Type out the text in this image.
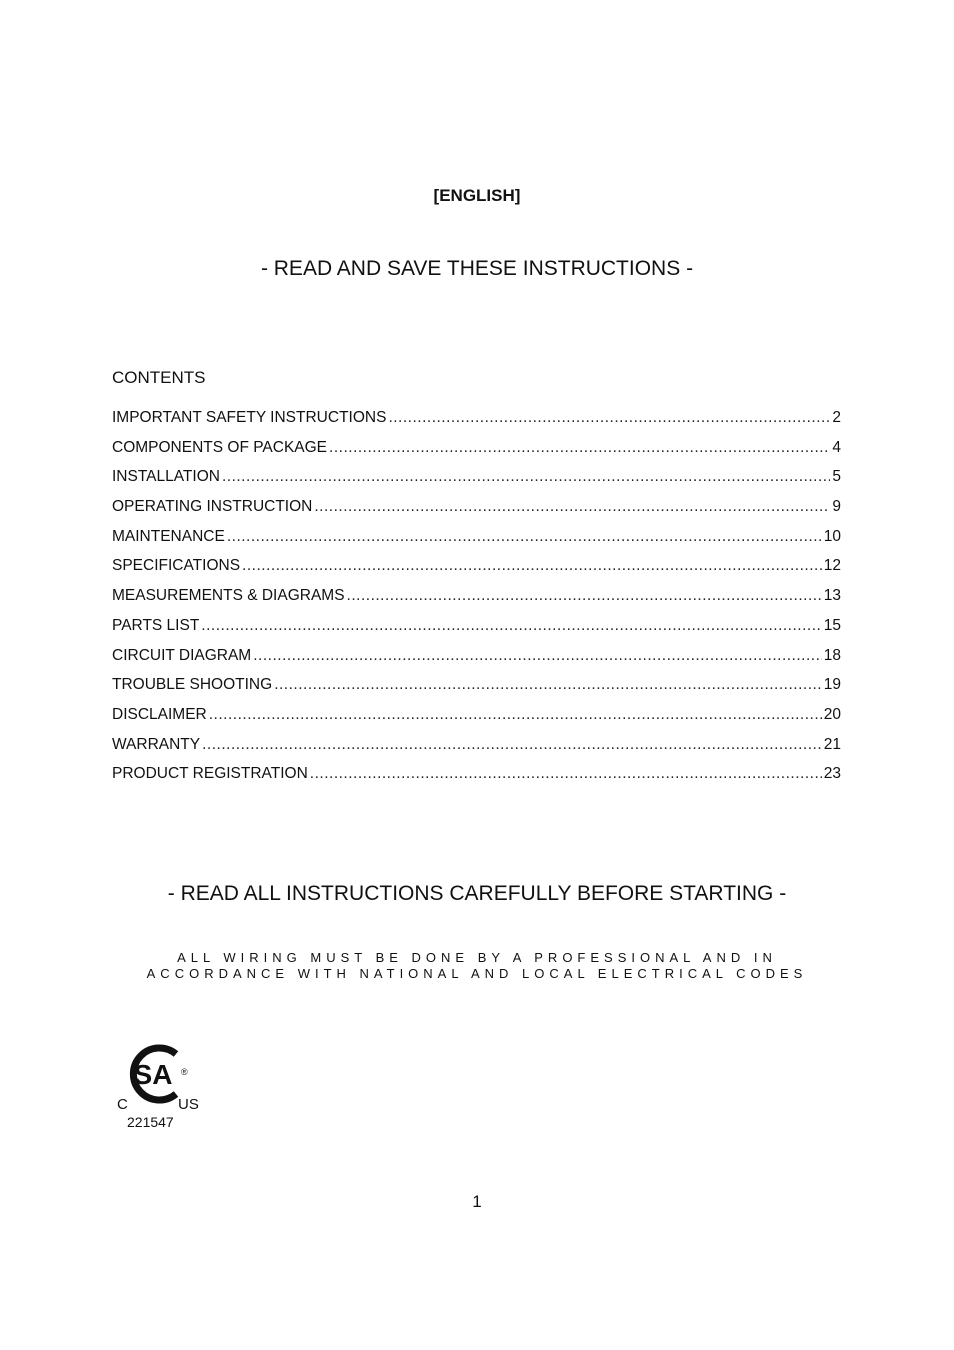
[ENGLISH]
- READ AND SAVE THESE INSTRUCTIONS -
CONTENTS
IMPORTANT SAFETY INSTRUCTIONS .....	2
COMPONENTS OF PACKAGE .....	4
INSTALLATION .....	5
OPERATING INSTRUCTION .....	9
MAINTENANCE .....	10
SPECIFICATIONS .....	12
MEASUREMENTS & DIAGRAMS .....	13
PARTS LIST .....	15
CIRCUIT DIAGRAM .....	18
TROUBLE SHOOTING .....	19
DISCLAIMER .....	20
WARRANTY .....	21
PRODUCT REGISTRATION .....	23
- READ ALL INSTRUCTIONS CAREFULLY BEFORE STARTING -
ALL WIRING MUST BE DONE BY A PROFESSIONAL AND IN
ACCORDANCE WITH NATIONAL AND LOCAL ELECTRICAL CODES
SA ®
C	US
221547
1
